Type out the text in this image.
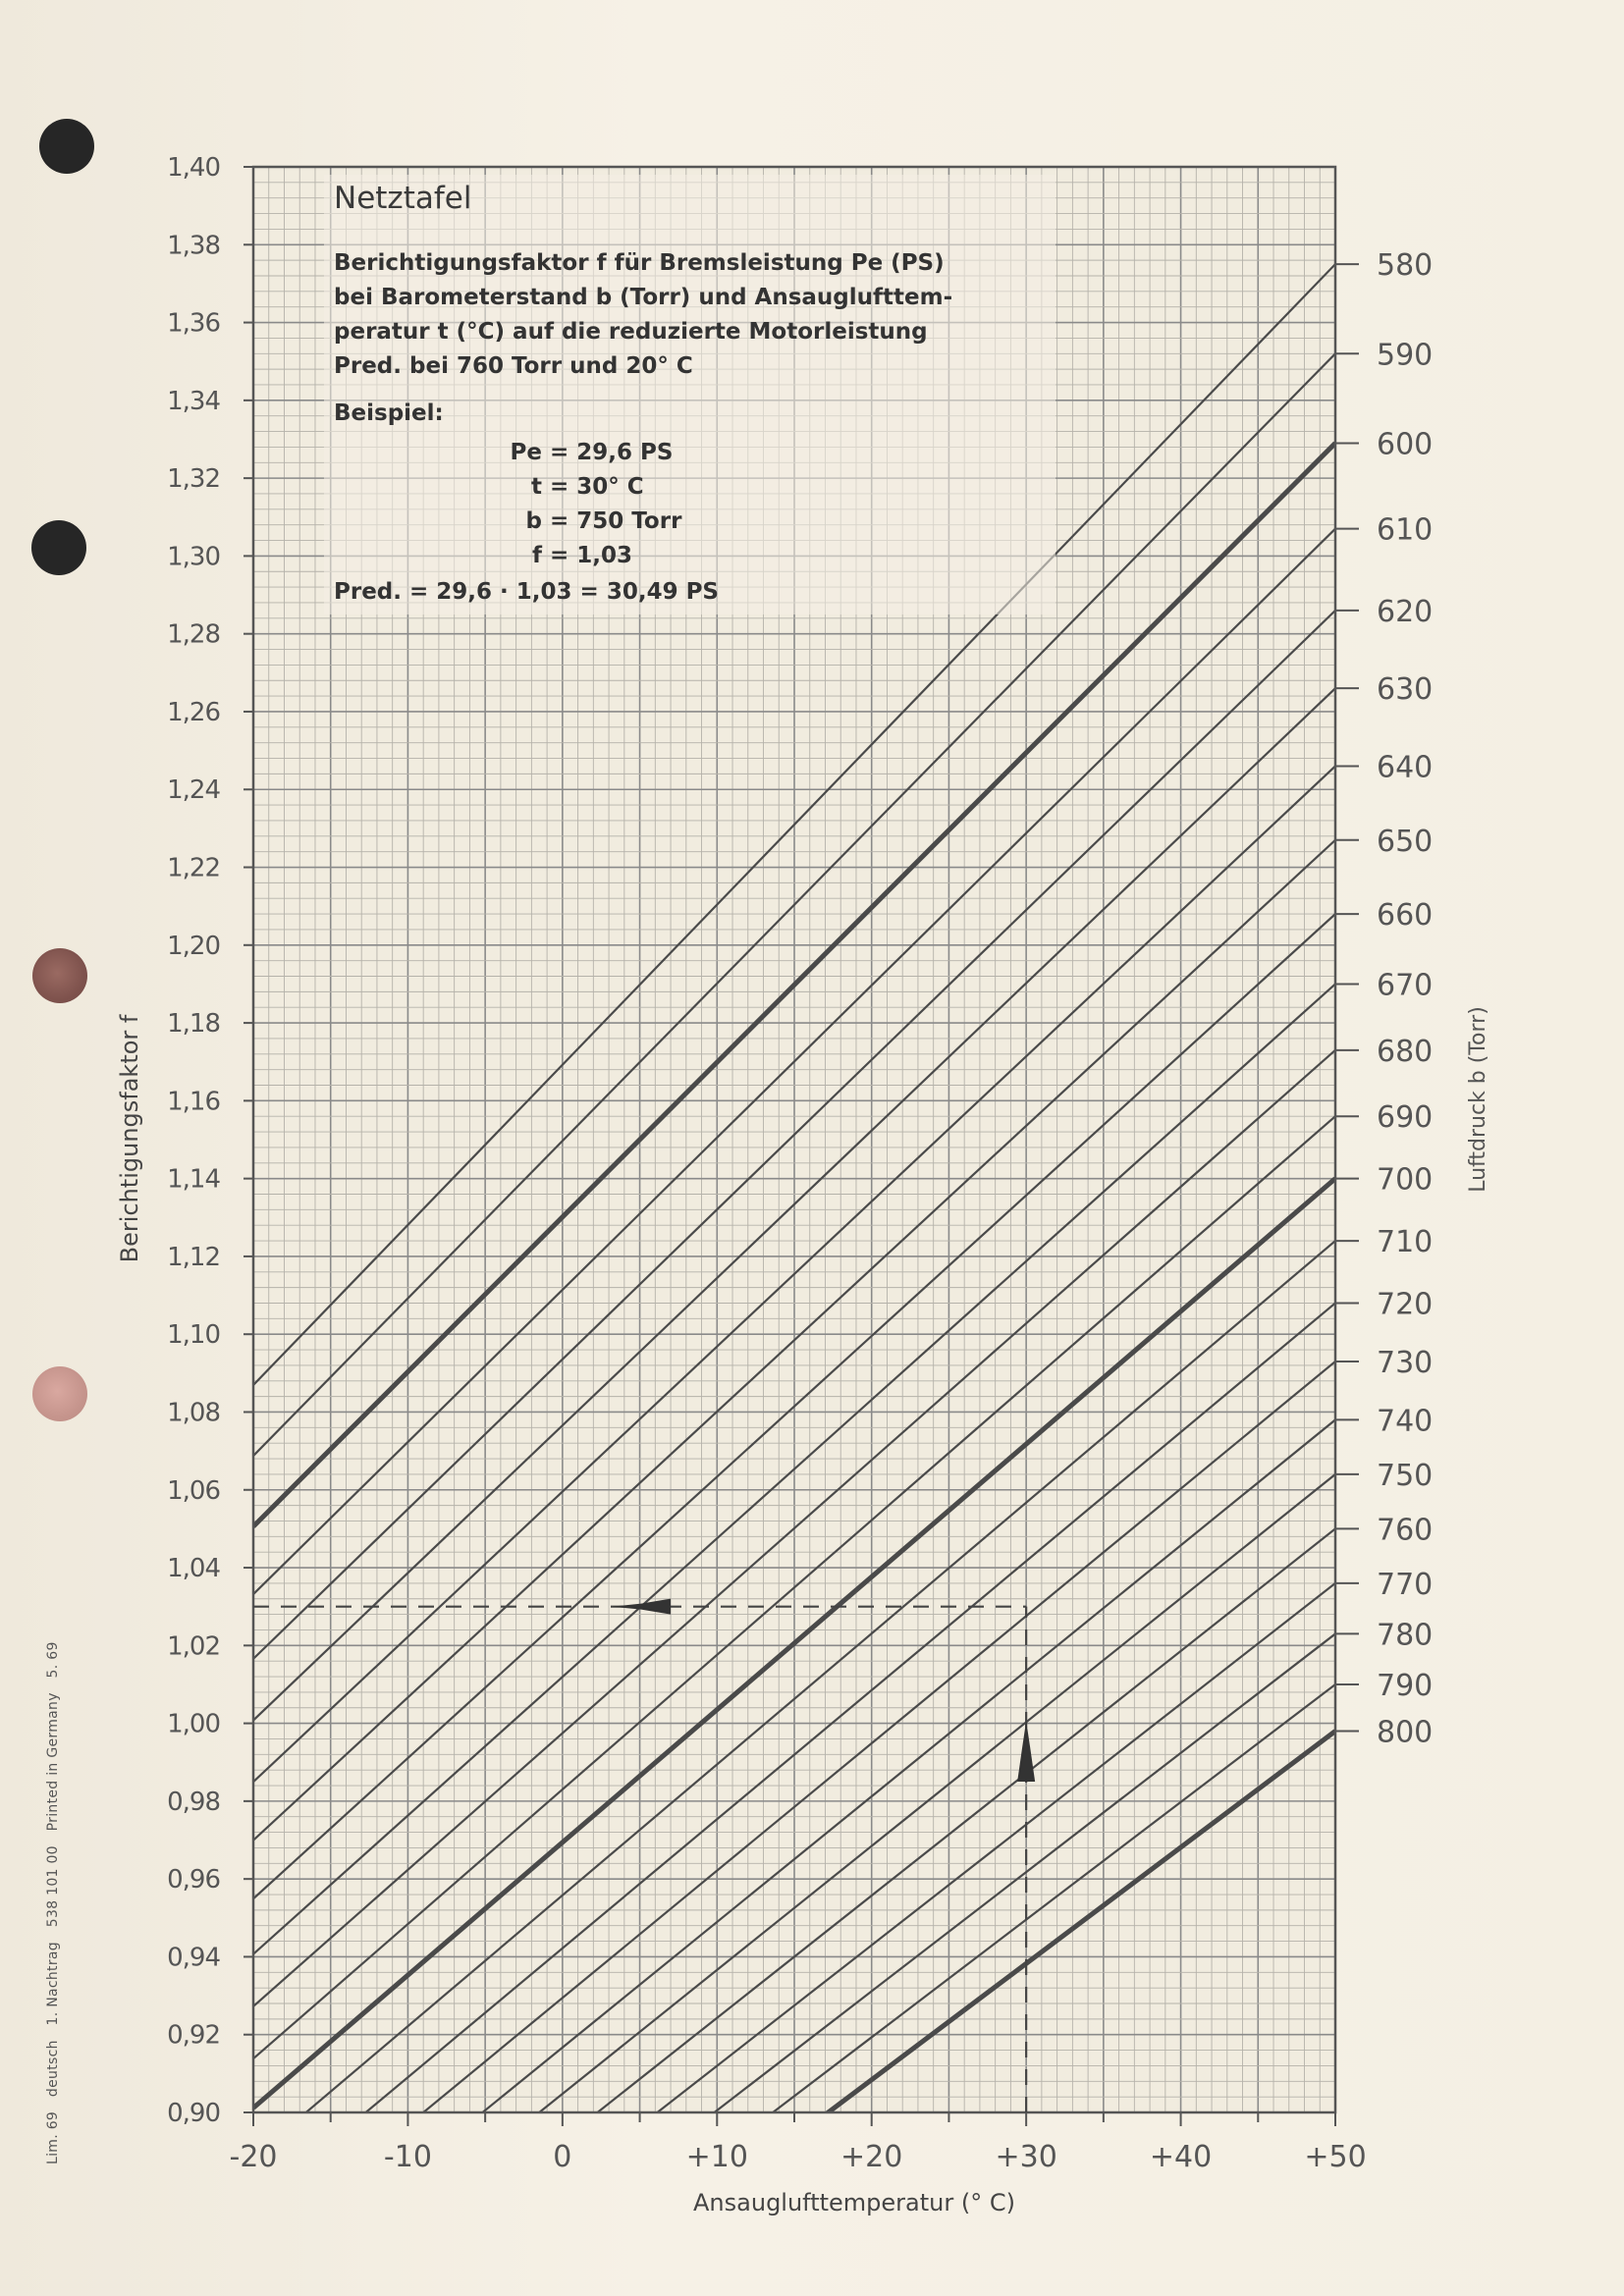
Lim. 69 deutsch 1. Nachtrag 538 101 00 Printed in Germany 5. 69
0,90
0,92
0,94
0,96
0,98
1,00
1,02
1,04
1,06
1,08
1,10
1,12
1,14
1,16
1,18
1,20
1,22
1,24
1,26
1,28
1,30
1,32
1,34
1,36
1,38
1,40
-20	-10	0	+10	+20	+30	+40	+50
580
590
600
610
620
630
640
650
660
670
680
690
700
710
720
730
740
750
760
770
780
790
800
Netztafel
Berichtigungsfaktor f für Bremsleistung Pe (PS)
bei Barometerstand b (Torr) und Ansauglufttem-
peratur t (°C) auf die reduzierte Motorleistung
Pred. bei 760 Torr und 20° C
Beispiel:
Pe = 29,6 PS
t = 30° C
b = 750 Torr
f = 1,03
Pred. = 29,6 · 1,03 = 30,49 PS
Ansauglufttemperatur (° C)
Berichtigungsfaktor f	Luftdruck b (Torr)
